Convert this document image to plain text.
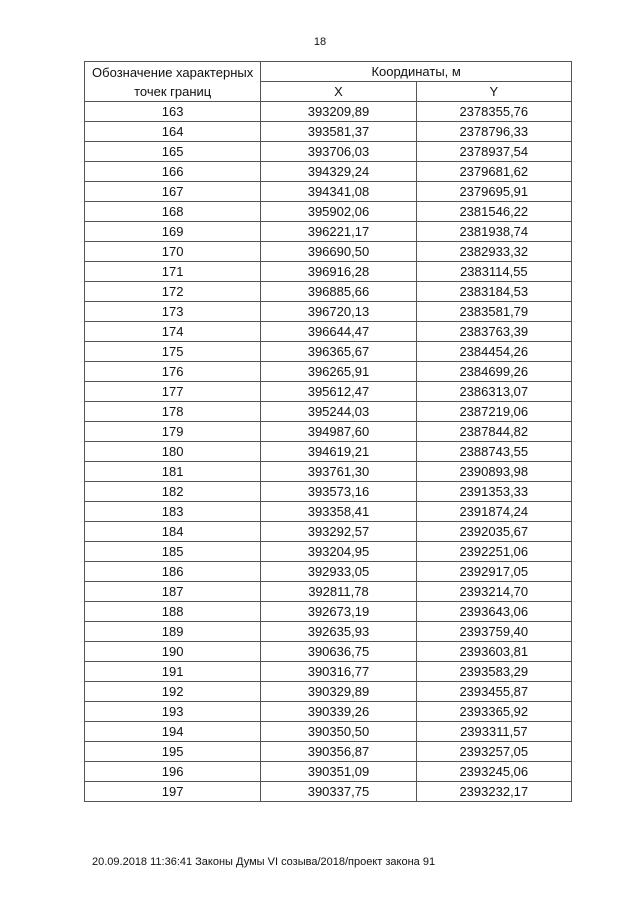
18
Обозначение характерных точек границ	Координаты, м	
	X	Y
163	393209,89	2378355,76
164	393581,37	2378796,33
165	393706,03	2378937,54
166	394329,24	2379681,62
167	394341,08	2379695,91
168	395902,06	2381546,22
169	396221,17	2381938,74
170	396690,50	2382933,32
171	396916,28	2383114,55
172	396885,66	2383184,53
173	396720,13	2383581,79
174	396644,47	2383763,39
175	396365,67	2384454,26
176	396265,91	2384699,26
177	395612,47	2386313,07
178	395244,03	2387219,06
179	394987,60	2387844,82
180	394619,21	2388743,55
181	393761,30	2390893,98
182	393573,16	2391353,33
183	393358,41	2391874,24
184	393292,57	2392035,67
185	393204,95	2392251,06
186	392933,05	2392917,05
187	392811,78	2393214,70
188	392673,19	2393643,06
189	392635,93	2393759,40
190	390636,75	2393603,81
191	390316,77	2393583,29
192	390329,89	2393455,87
193	390339,26	2393365,92
194	390350,50	2393311,57
195	390356,87	2393257,05
196	390351,09	2393245,06
197	390337,75	2393232,17
20.09.2018 11:36:41 Законы Думы VI созыва/2018/проект закона 91
